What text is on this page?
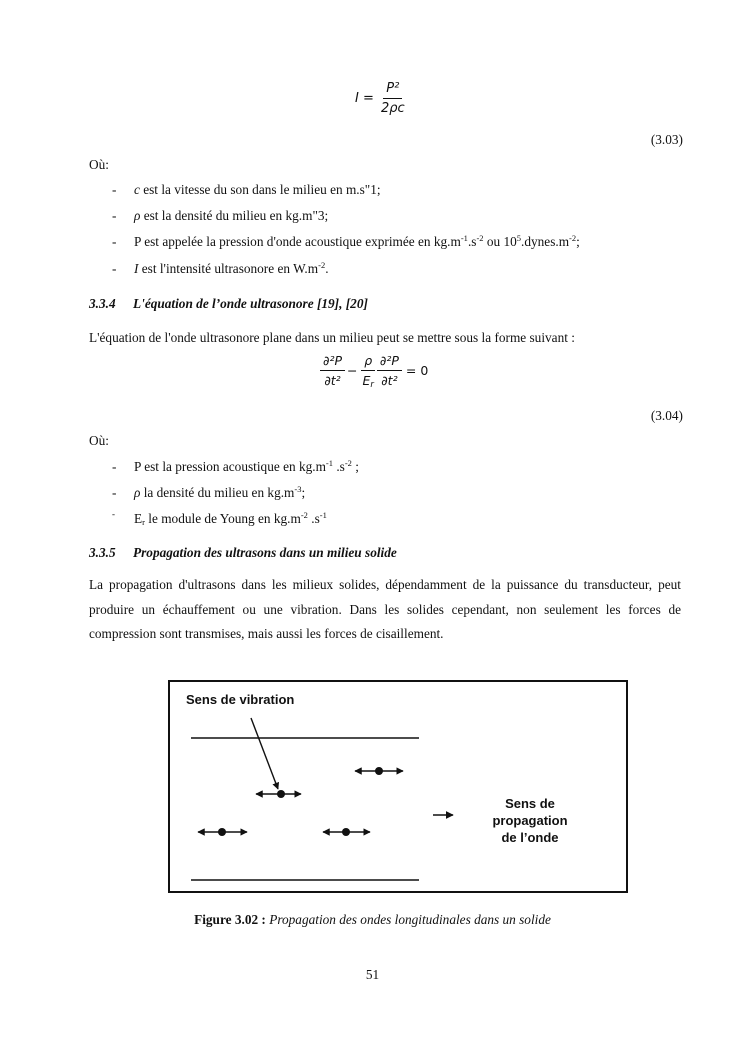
$I = \frac{\text{P²}}{2\rho c}$
(3.03)
Où:
- c est la vitesse du son dans le milieu en m.s"1;
- ρ est la densité du milieu en kg.m"3;
- P est appelée la pression d'onde acoustique exprimée en $kg.m^{-1}.s^{-2}$ ou $10^5.dynes.m^{-2}$;
- I est l'intensité ultrasonore en $W.m^{-2}$.
3.3.4 L'équation de l’onde ultrasonore [19], [20]
L'équation de l'onde ultrasonore plane dans un milieu peut se mettre sous la forme suivant :
$\frac{\text{∂²P}}{\text{∂t²}} - \frac{\rho}{E_r} \frac{\text{∂²P}}{\text{∂t²}} = 0$
(3.04)
Où:
- P est la pression acoustique en $kg.m^{-1}$ $.s^{-2}$ ;
- ρ la densité du milieu en $kg.m^{-3}$;
- $E_r$ le module de Young en $kg.m^{-2}$ $.s^{-1}$
3.3.5 Propagation des ultrasons dans un milieu solide
La propagation d'ultrasons dans les milieux solides, dépendamment de la puissance du transducteur, peut produire un échauffement ou une vibration. Dans les solides cependant, non seulement les forces de compression sont transmises, mais aussi les forces de cisaillement.
Sens de vibration
Sens de propagation
de l’onde
Figure 3.02 : Propagation des ondes longitudinales dans un solide
51
